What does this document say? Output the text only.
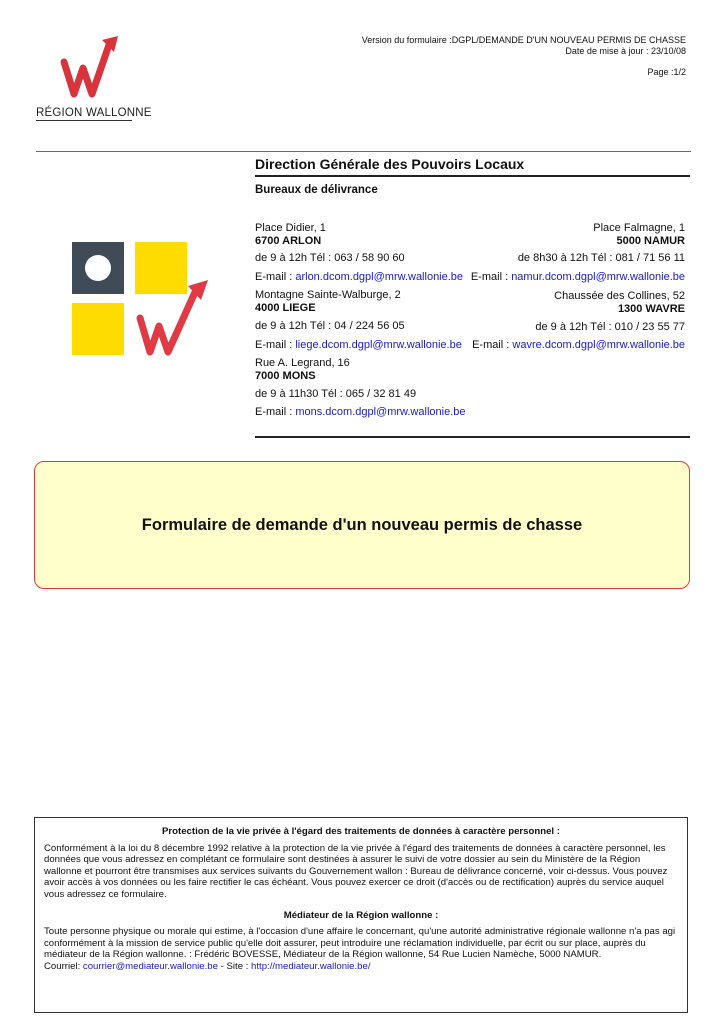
Version du formulaire :DGPL/DEMANDE D'UN NOUVEAU PERMIS DE CHASSE
Date de mise à jour : 23/10/08
Page :1/2
RÉGION WALLONNE
Direction Générale des Pouvoirs Locaux
Bureaux de délivrance
Place Didier, 1
6700 ARLON
de 9 à 12h Tél : 063 / 58 90 60
E-mail : arlon.dcom.dgpl@mrw.wallonie.be
Place Falmagne, 1
5000 NAMUR
de 8h30 à 12h Tél : 081 / 71 56 11
E-mail : namur.dcom.dgpl@mrw.wallonie.be
Montagne Sainte-Walburge, 2
4000 LIEGE
de 9 à 12h Tél : 04 / 224 56 05
E-mail : liege.dcom.dgpl@mrw.wallonie.be
Chaussée des Collines, 52
1300 WAVRE
de 9 à 12h Tél : 010 / 23 55 77
E-mail : wavre.dcom.dgpl@mrw.wallonie.be
Rue A. Legrand, 16
7000 MONS
de 9 à 11h30 Tél : 065 / 32 81 49
E-mail : mons.dcom.dgpl@mrw.wallonie.be
Formulaire de demande d'un nouveau permis de chasse
Protection de la vie privée à l'égard des traitements de données à caractère personnel :
Conformément à la loi du 8 décembre 1992 relative à la protection de la vie privée à l'égard des traitements de données à caractère personnel, les données que vous adressez en complétant ce formulaire sont destinées à assurer le suivi de votre dossier au sein du Ministère de la Région wallonne et pourront être transmises aux services suivants du Gouvernement wallon : Bureau de délivrance concerné, voir ci-dessus. Vous pouvez avoir accès à vos données ou les faire rectifier le cas échéant. Vous pouvez exercer ce droit (d'accès ou de rectification) auprès du service auquel vous adressez ce formulaire.
Médiateur de la Région wallonne :
Toute personne physique ou morale qui estime, à l'occasion d'une affaire le concernant, qu'une autorité administrative régionale wallonne n'a pas agi conformément à la mission de service public qu'elle doit assurer, peut introduire une réclamation individuelle, par écrit ou sur place, auprès du médiateur de la Région wallonne. : Frédéric BOVESSE, Médiateur de la Région wallonne, 54 Rue Lucien Namèche, 5000 NAMUR.
Courriel: courrier@mediateur.wallonie.be - Site : http://mediateur.wallonie.be/
